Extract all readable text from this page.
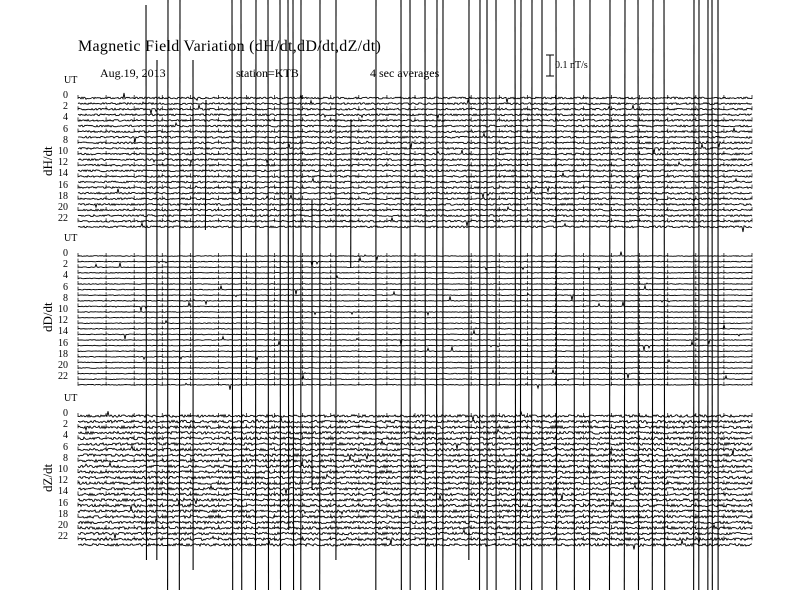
Magnetic Field Variation (dH/dt,dD/dt,dZ/dt)
Aug.19, 2013	station=KTB	4 sec averages
0.1 nT/s
UT
0
2
4
6
8
10
12
14
16
18
20
22
dH/dt
UT
0
2
4
6
8
10
12
14
16
18
20
22
dD/dt
UT
0
2
4
6
8
10
12
14
16
18
20
22
dZ/dt
